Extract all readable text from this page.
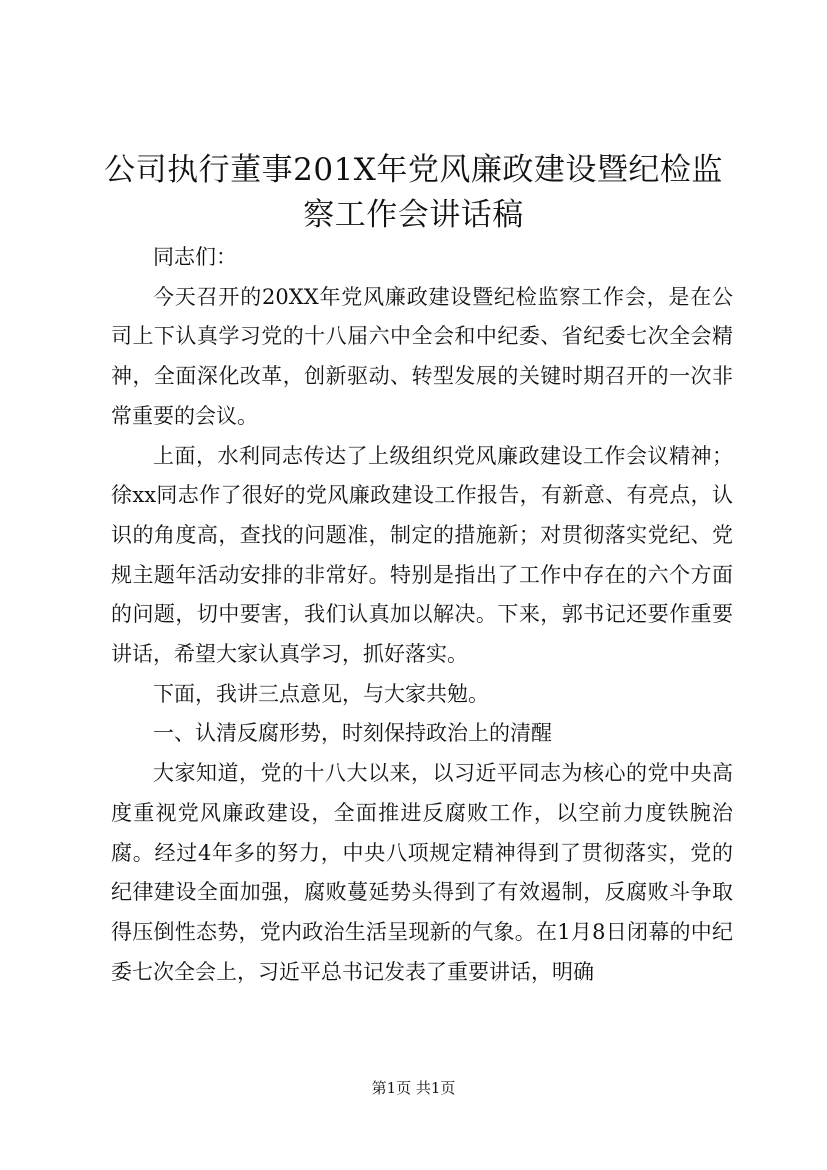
公司执行董事201X年党风廉政建设暨纪检监察工作会讲话稿

同志们：

今天召开的20XX年党风廉政建设暨纪检监察工作会，是在公司上下认真学习党的十八届六中全会和中纪委、省纪委七次全会精神，全面深化改革，创新驱动、转型发展的关键时期召开的一次非常重要的会议。

上面，水利同志传达了上级组织党风廉政建设工作会议精神；徐xx同志作了很好的党风廉政建设工作报告，有新意、有亮点，认识的角度高，查找的问题准，制定的措施新；对贯彻落实党纪、党规主题年活动安排的非常好。特别是指出了工作中存在的六个方面的问题，切中要害，我们认真加以解决。下来，郭书记还要作重要讲话，希望大家认真学习，抓好落实。

下面，我讲三点意见，与大家共勉。

一、认清反腐形势，时刻保持政治上的清醒

大家知道，党的十八大以来，以习近平同志为核心的党中央高度重视党风廉政建设，全面推进反腐败工作，以空前力度铁腕治腐。经过4年多的努力，中央八项规定精神得到了贯彻落实，党的纪律建设全面加强，腐败蔓延势头得到了有效遏制，反腐败斗争取得压倒性态势，党内政治生活呈现新的气象。在1月8日闭幕的中纪委七次全会上，习近平总书记发表了重要讲话，明确

第1页 共1页
